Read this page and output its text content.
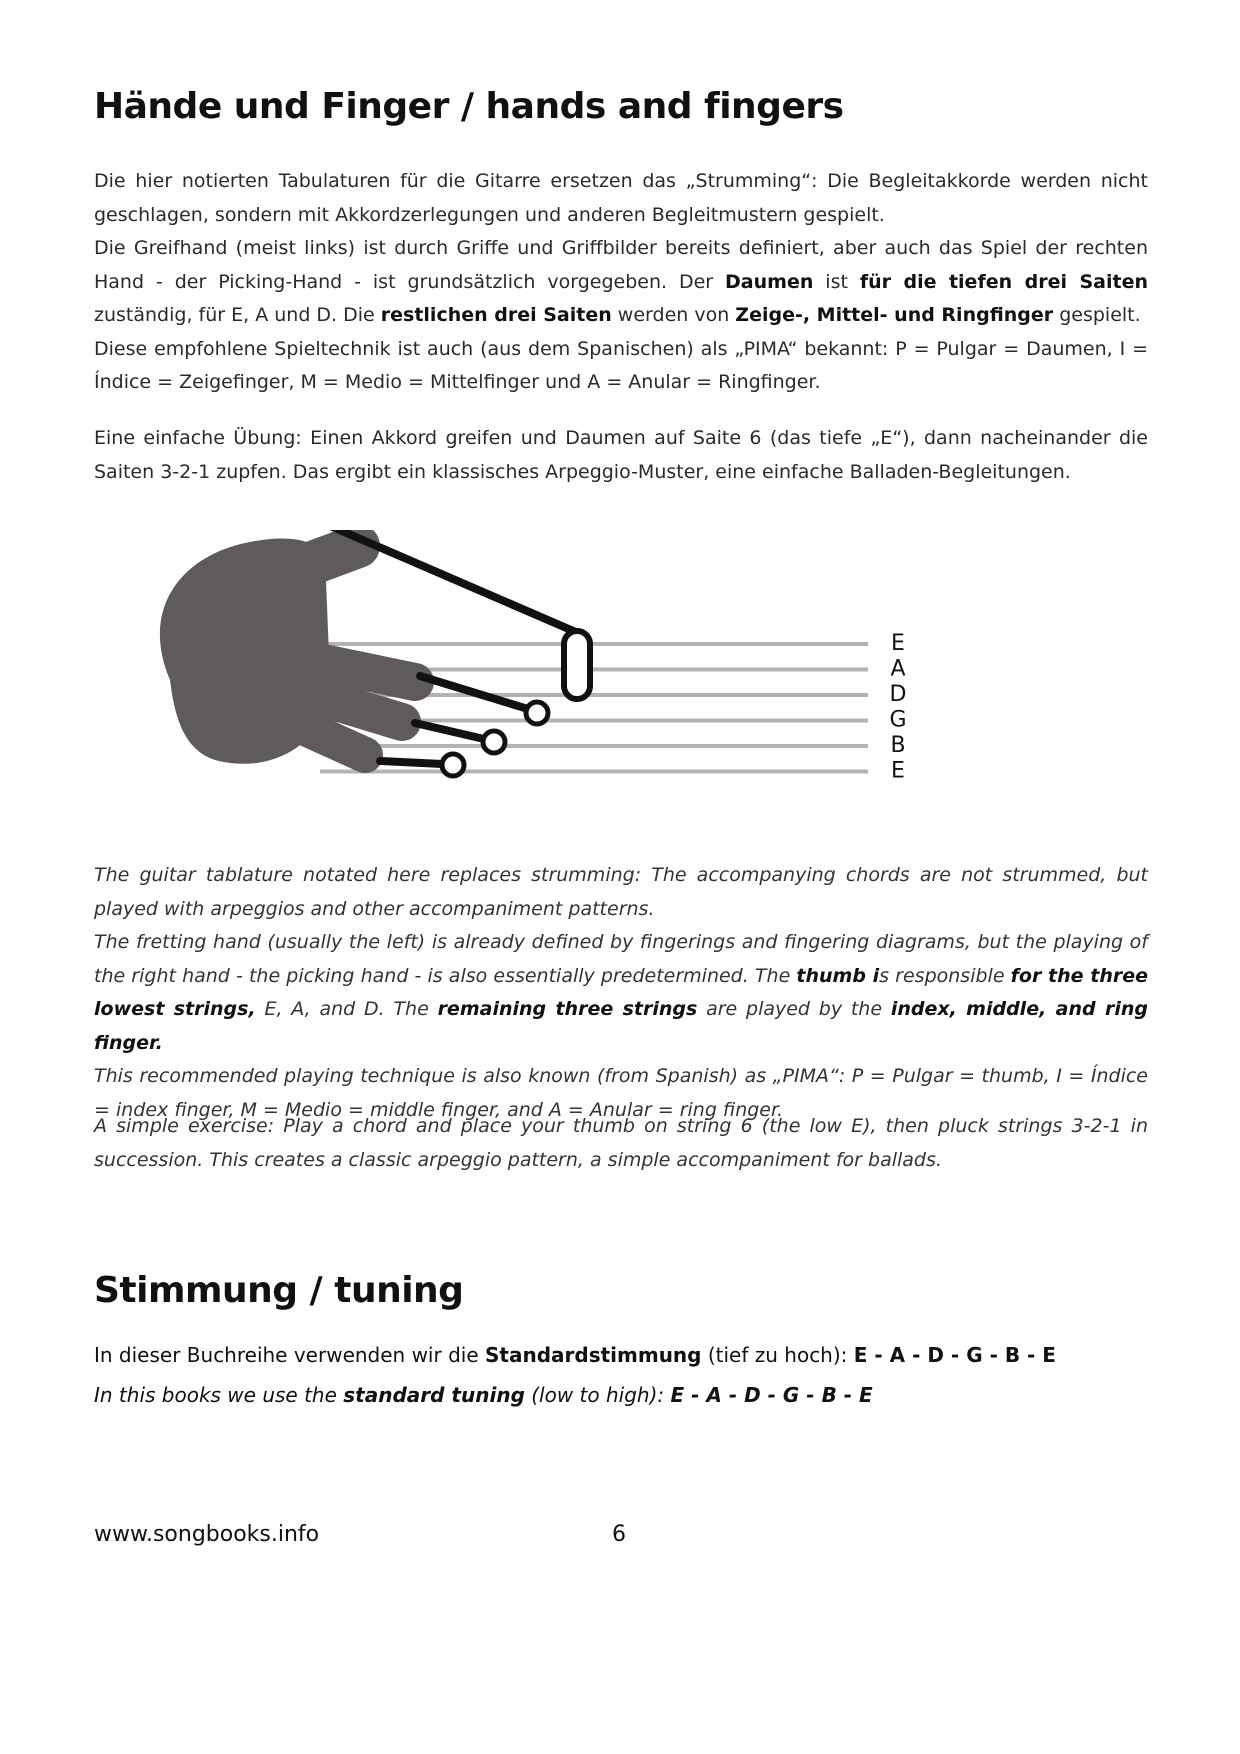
Hände und Finger / hands and fingers

Die hier notierten Tabulaturen für die Gitarre ersetzen das „Strumming“: Die Begleitakkorde werden nicht geschlagen, sondern mit Akkordzerlegungen und anderen Begleitmustern gespielt.
Die Greifhand (meist links) ist durch Griffe und Griffbilder bereits definiert, aber auch das Spiel der rechten Hand - der Picking-Hand - ist grundsätzlich vorgegeben. Der Daumen ist für die tiefen drei Saiten zuständig, für E, A und D. Die restlichen drei Saiten werden von Zeige-, Mittel- und Ringfinger gespielt.
Diese empfohlene Spieltechnik ist auch (aus dem Spanischen) als „PIMA“ bekannt: P = Pulgar = Daumen, I = Índice = Zeigefinger, M = Medio = Mittelfinger und A = Anular = Ringfinger.

Eine einfache Übung: Einen Akkord greifen und Daumen auf Saite 6 (das tiefe „E“), dann nacheinander die Saiten 3-2-1 zupfen. Das ergibt ein klassisches Arpeggio-Muster, eine einfache Balladen-Begleitungen.

E
A
D
G
B
E

The guitar tablature notated here replaces strumming: The accompanying chords are not strummed, but played with arpeggios and other accompaniment patterns.
The fretting hand (usually the left) is already defined by fingerings and fingering diagrams, but the playing of the right hand - the picking hand - is also essentially predetermined. The thumb is responsible for the three lowest strings, E, A, and D. The remaining three strings are played by the index, middle, and ring finger.
This recommended playing technique is also known (from Spanish) as „PIMA“: P = Pulgar = thumb, I = Índice = index finger, M = Medio = middle finger, and A = Anular = ring finger.

A simple exercise: Play a chord and place your thumb on string 6 (the low E), then pluck strings 3-2-1 in succession. This creates a classic arpeggio pattern, a simple accompaniment for ballads.

Stimmung / tuning

In dieser Buchreihe verwenden wir die Standardstimmung (tief zu hoch): E - A - D - G - B - E

In this books we use the standard tuning (low to high): E - A - D - G - B - E

www.songbooks.info	6
